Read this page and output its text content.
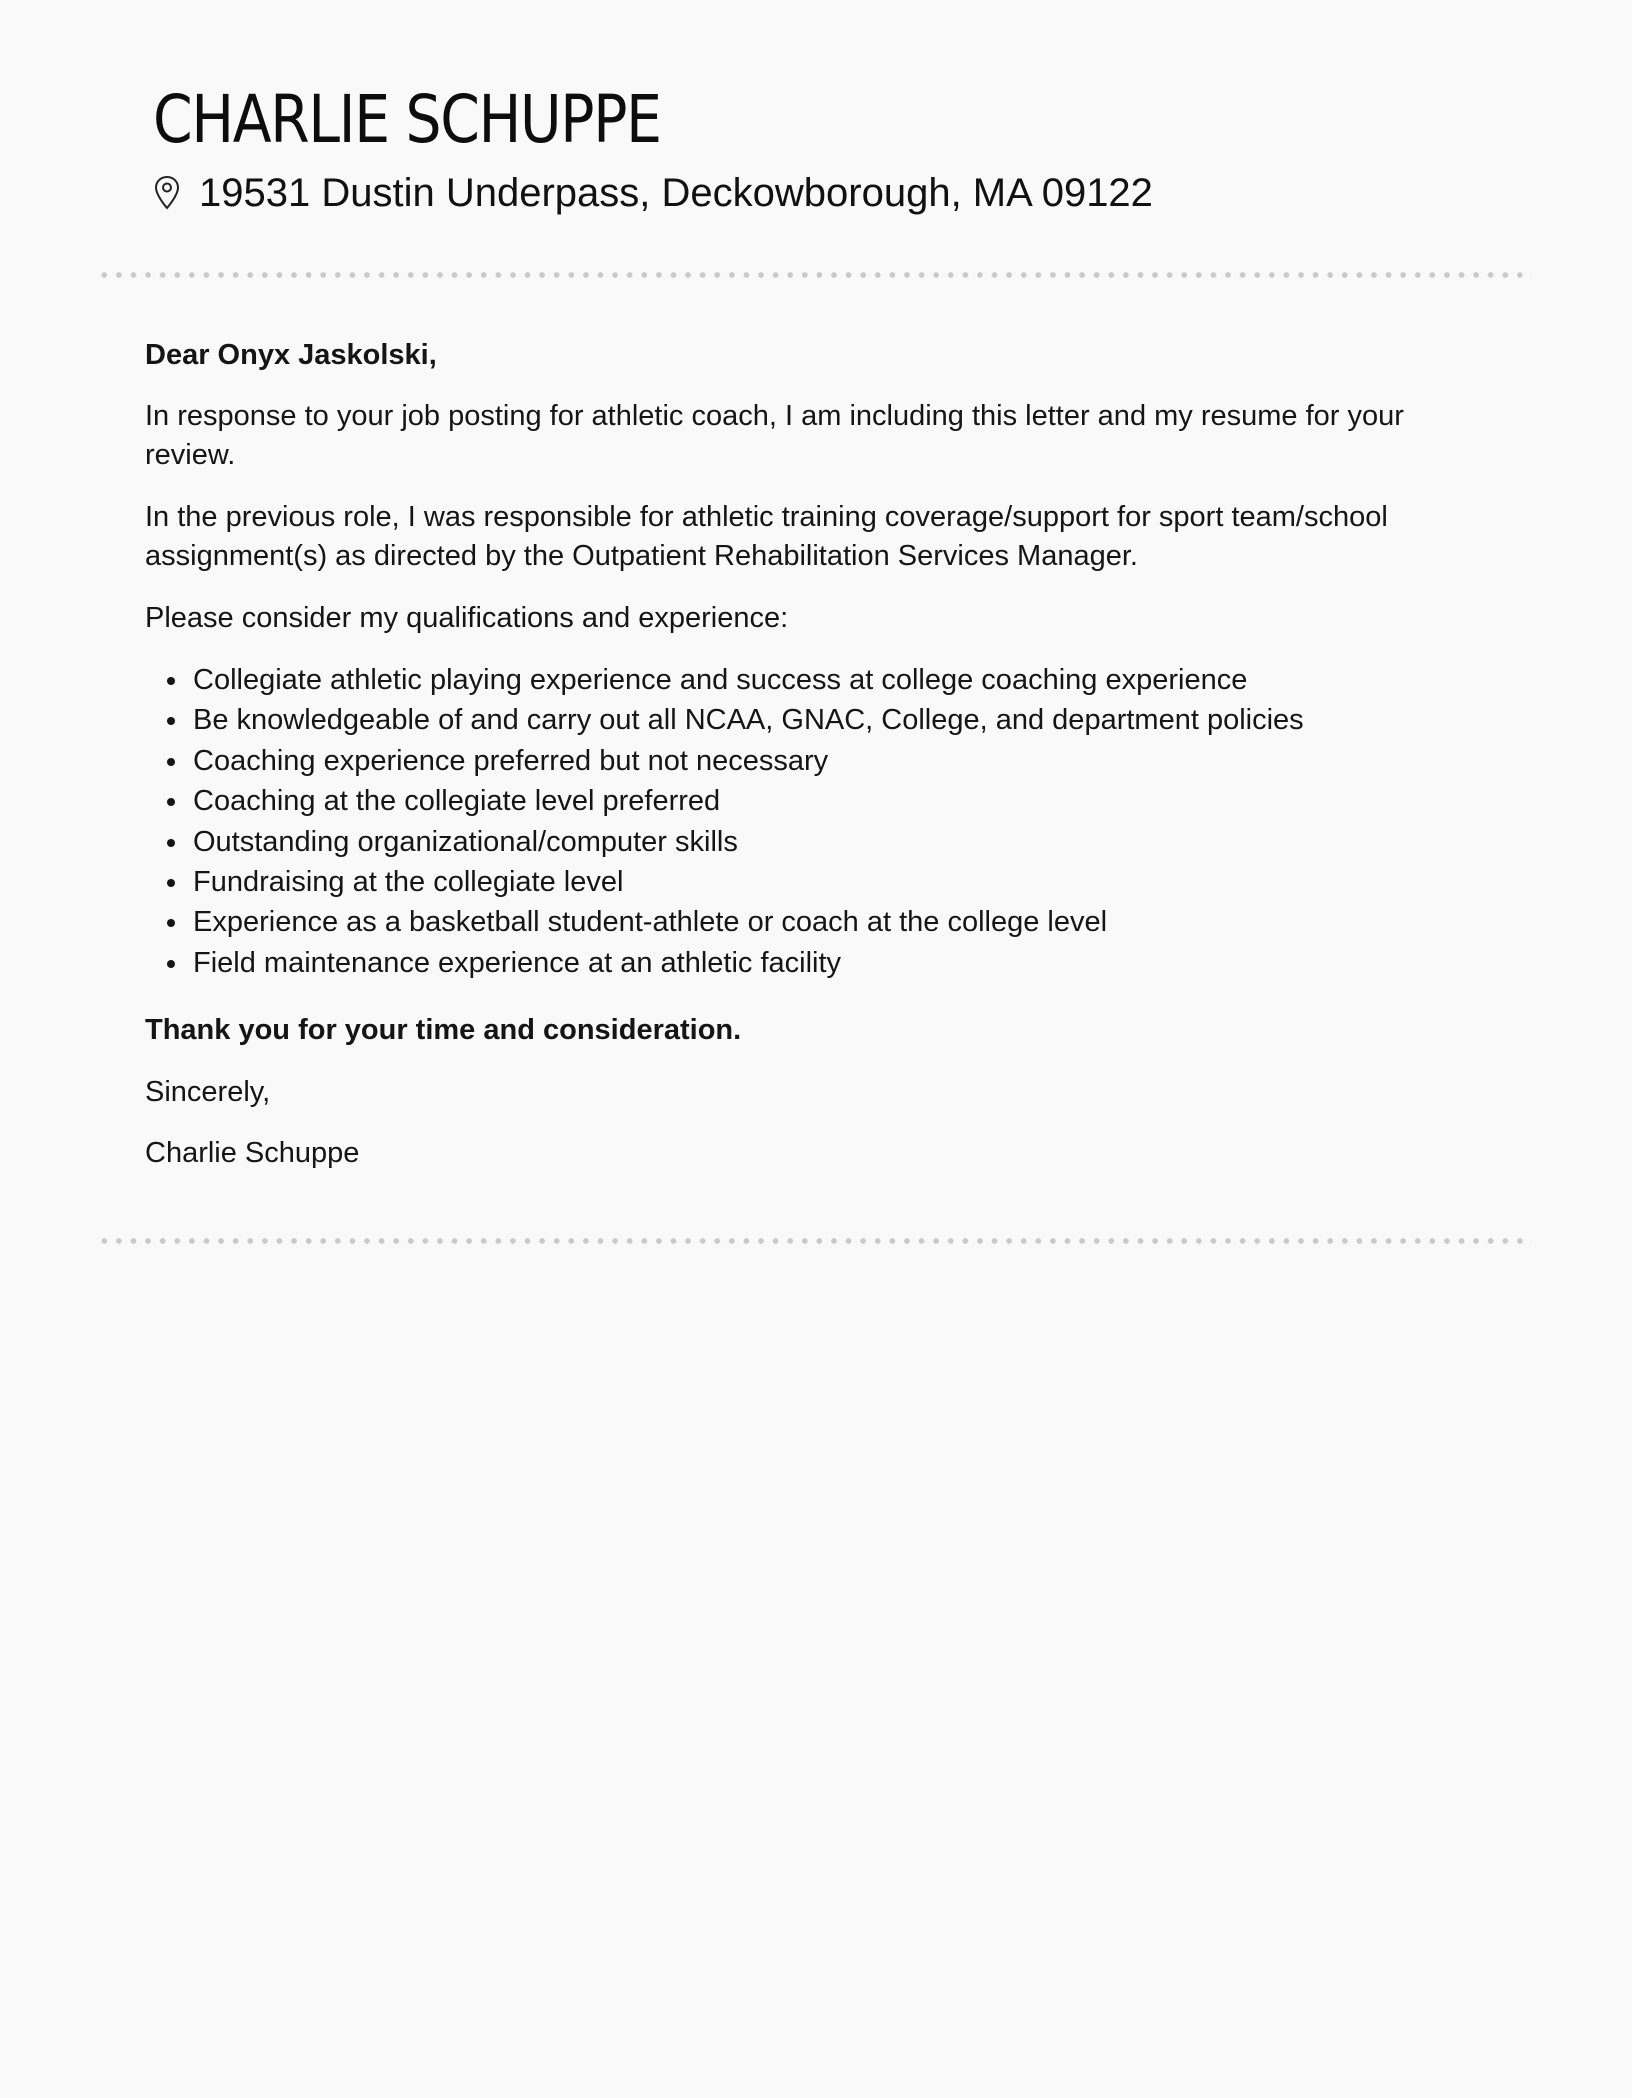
CHARLIE SCHUPPE
19531 Dustin Underpass, Deckowborough, MA 09122

Dear Onyx Jaskolski,

In response to your job posting for athletic coach, I am including this letter and my resume for your review.

In the previous role, I was responsible for athletic training coverage/support for sport team/school assignment(s) as directed by the Outpatient Rehabilitation Services Manager.

Please consider my qualifications and experience:

Collegiate athletic playing experience and success at college coaching experience
Be knowledgeable of and carry out all NCAA, GNAC, College, and department policies
Coaching experience preferred but not necessary
Coaching at the collegiate level preferred
Outstanding organizational/computer skills
Fundraising at the collegiate level
Experience as a basketball student-athlete or coach at the college level
Field maintenance experience at an athletic facility

Thank you for your time and consideration.

Sincerely,

Charlie Schuppe
